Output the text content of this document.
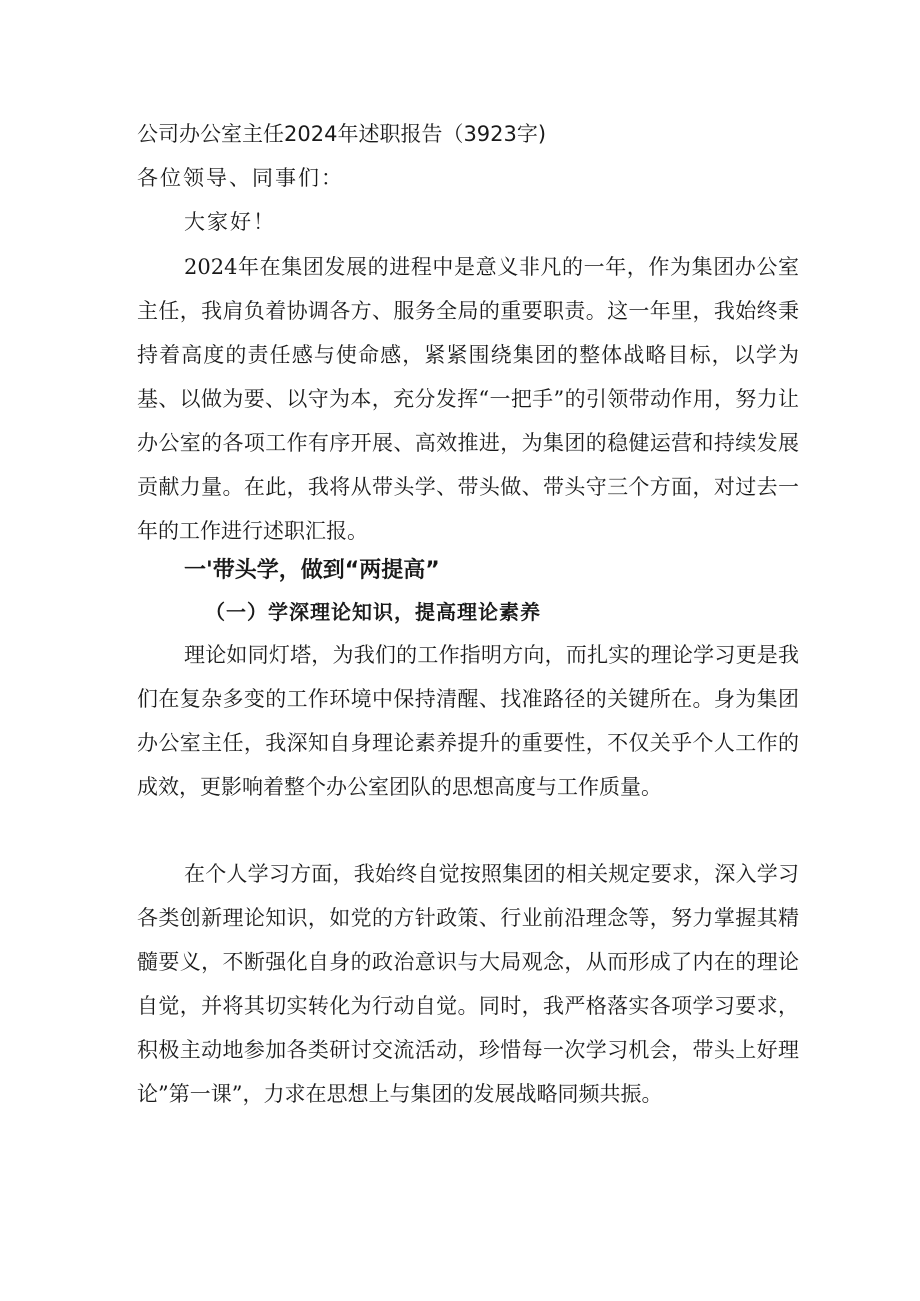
公司办公室主任2024年述职报告（3923字)

各位领导、同事们：

大家好！

2024年在集团发展的进程中是意义非凡的一年，作为集团办公室主任，我肩负着协调各方、服务全局的重要职责。这一年里，我始终秉持着高度的责任感与使命感，紧紧围绕集团的整体战略目标，以学为基、以做为要、以守为本，充分发挥“一把手”的引领带动作用，努力让办公室的各项工作有序开展、高效推进，为集团的稳健运营和持续发展贡献力量。在此，我将从带头学、带头做、带头守三个方面，对过去一年的工作进行述职汇报。

一'带头学，做到“两提高”
（一）学深理论知识，提高理论素养

理论如同灯塔，为我们的工作指明方向，而扎实的理论学习更是我们在复杂多变的工作环境中保持清醒、找准路径的关键所在。身为集团办公室主任，我深知自身理论素养提升的重要性，不仅关乎个人工作的成效，更影响着整个办公室团队的思想高度与工作质量。

在个人学习方面，我始终自觉按照集团的相关规定要求，深入学习各类创新理论知识，如党的方针政策、行业前沿理念等，努力掌握其精髓要义，不断强化自身的政治意识与大局观念，从而形成了内在的理论自觉，并将其切实转化为行动自觉。同时，我严格落实各项学习要求，积极主动地参加各类研讨交流活动，珍惜每一次学习机会，带头上好理论”第一课”，力求在思想上与集团的发展战略同频共振。
